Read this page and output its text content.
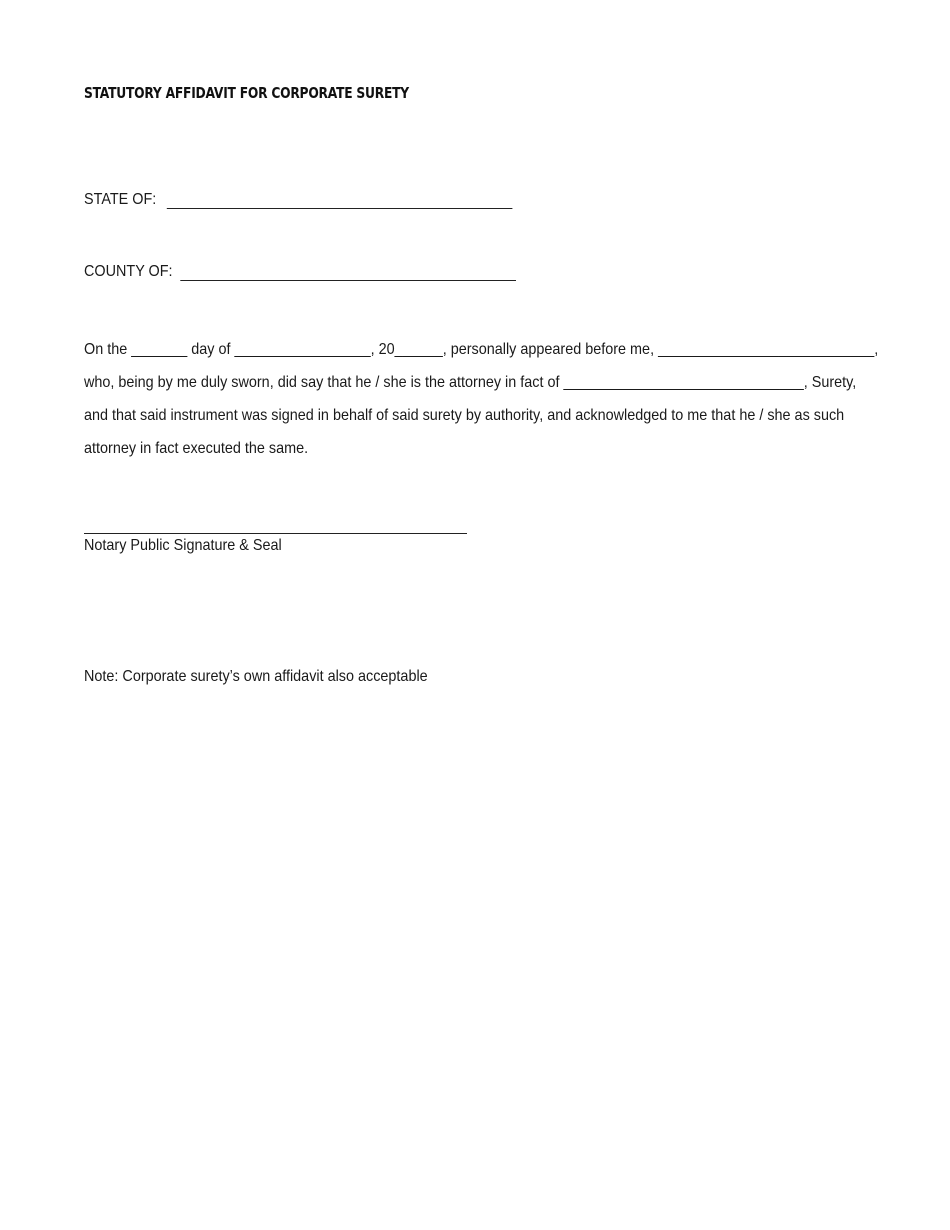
STATUTORY AFFIDAVIT FOR CORPORATE SURETY
STATE OF:
COUNTY OF:
On the _______ day of _________________, 20______, personally appeared before me, ___________________________,
who, being by me duly sworn, did say that he / she is the attorney in fact of ______________________________, Surety,
and that said instrument was signed in behalf of said surety by authority, and acknowledged to me that he / she as such
attorney in fact executed the same.
Notary Public Signature & Seal
Note: Corporate surety’s own affidavit also acceptable
